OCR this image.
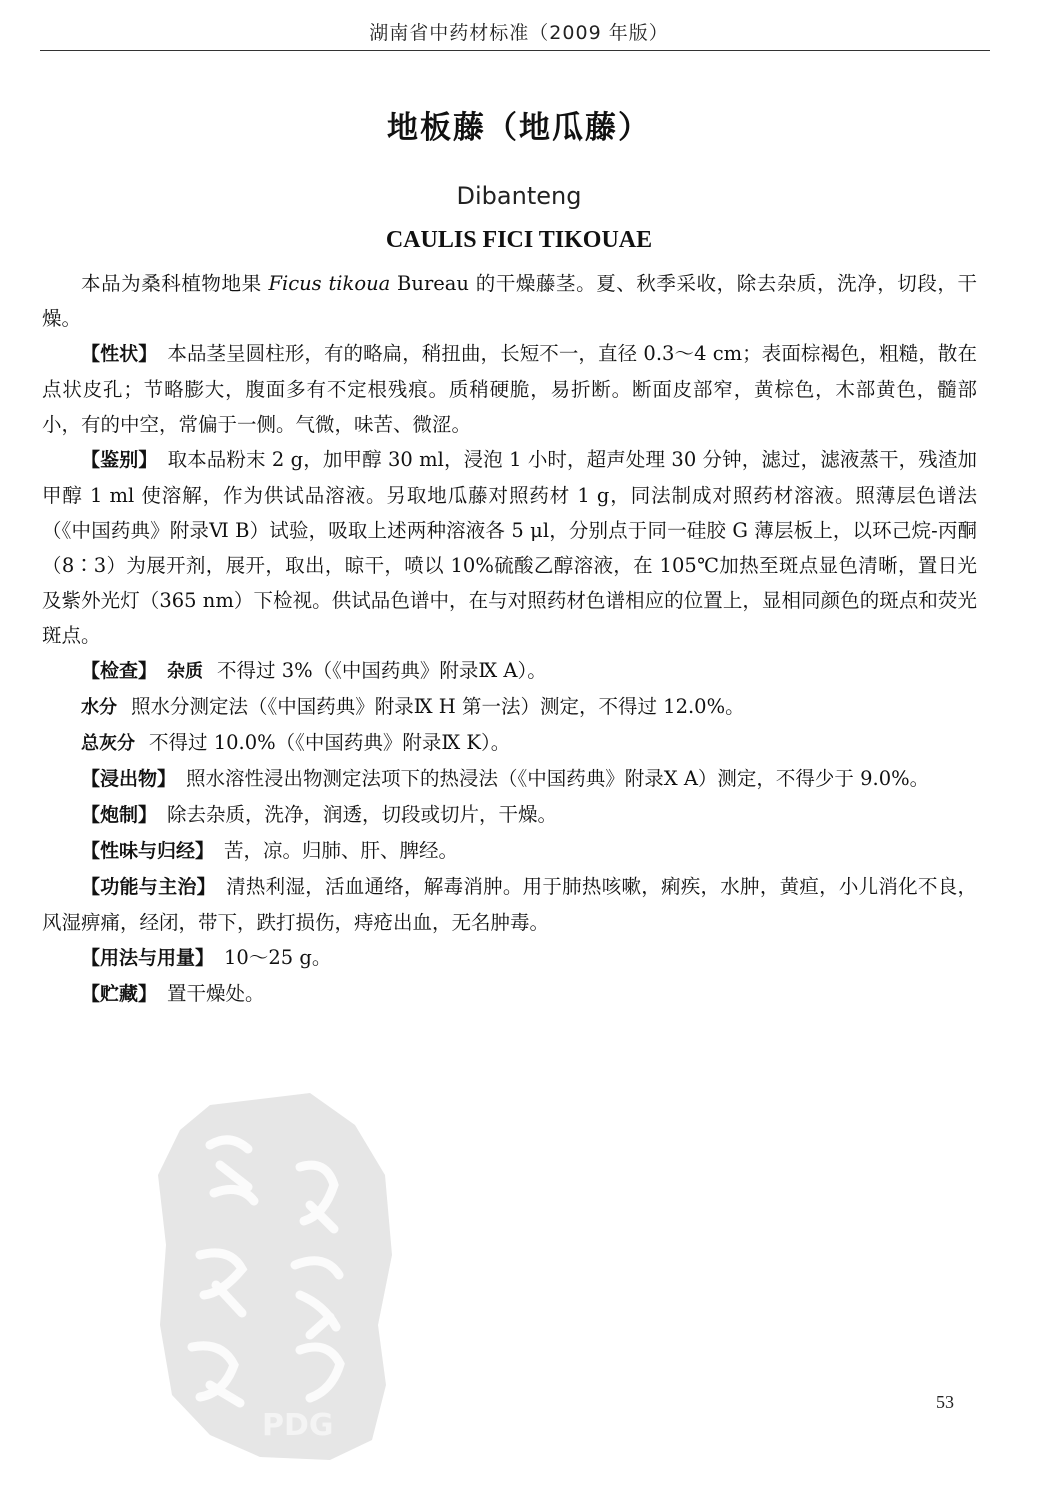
湖南省中药材标准（2009 年版）
地板藤（地瓜藤）
Dibanteng
CAULIS FICI TIKOUAE

本品为桑科植物地果 Ficus tikoua Bureau 的干燥藤茎。夏、秋季采收，除去杂质，洗净，切段，干燥。

【性状】 本品茎呈圆柱形，有的略扁，稍扭曲，长短不一，直径 0.3～4 cm；表面棕褐色，粗糙，散在点状皮孔；节略膨大，腹面多有不定根残痕。质稍硬脆，易折断。断面皮部窄，黄棕色，木部黄色，髓部小，有的中空，常偏于一侧。气微，味苦、微涩。

【鉴别】 取本品粉末 2 g，加甲醇 30 ml，浸泡 1 小时，超声处理 30 分钟，滤过，滤液蒸干，残渣加甲醇 1 ml 使溶解，作为供试品溶液。另取地瓜藤对照药材 1 g，同法制成对照药材溶液。照薄层色谱法（《中国药典》附录Ⅵ B）试验，吸取上述两种溶液各 5 μl，分别点于同一硅胶 G 薄层板上，以环己烷-丙酮（8∶3）为展开剂，展开，取出，晾干，喷以 10%硫酸乙醇溶液，在 105℃加热至斑点显色清晰，置日光及紫外光灯（365 nm）下检视。供试品色谱中，在与对照药材色谱相应的位置上，显相同颜色的斑点和荧光斑点。

【检查】 杂质 不得过 3%（《中国药典》附录Ⅸ A）。

水分 照水分测定法（《中国药典》附录Ⅸ H 第一法）测定，不得过 12.0%。

总灰分 不得过 10.0%（《中国药典》附录Ⅸ K）。

【浸出物】 照水溶性浸出物测定法项下的热浸法（《中国药典》附录Ⅹ A）测定，不得少于 9.0%。

【炮制】 除去杂质，洗净，润透，切段或切片，干燥。

【性味与归经】 苦，凉。归肺、肝、脾经。

【功能与主治】 清热利湿，活血通络，解毒消肿。用于肺热咳嗽，痢疾，水肿，黄疸，小儿消化不良，风湿痹痛，经闭，带下，跌打损伤，痔疮出血，无名肿毒。

【用法与用量】 10～25 g。

【贮藏】 置干燥处。

PDG
53
